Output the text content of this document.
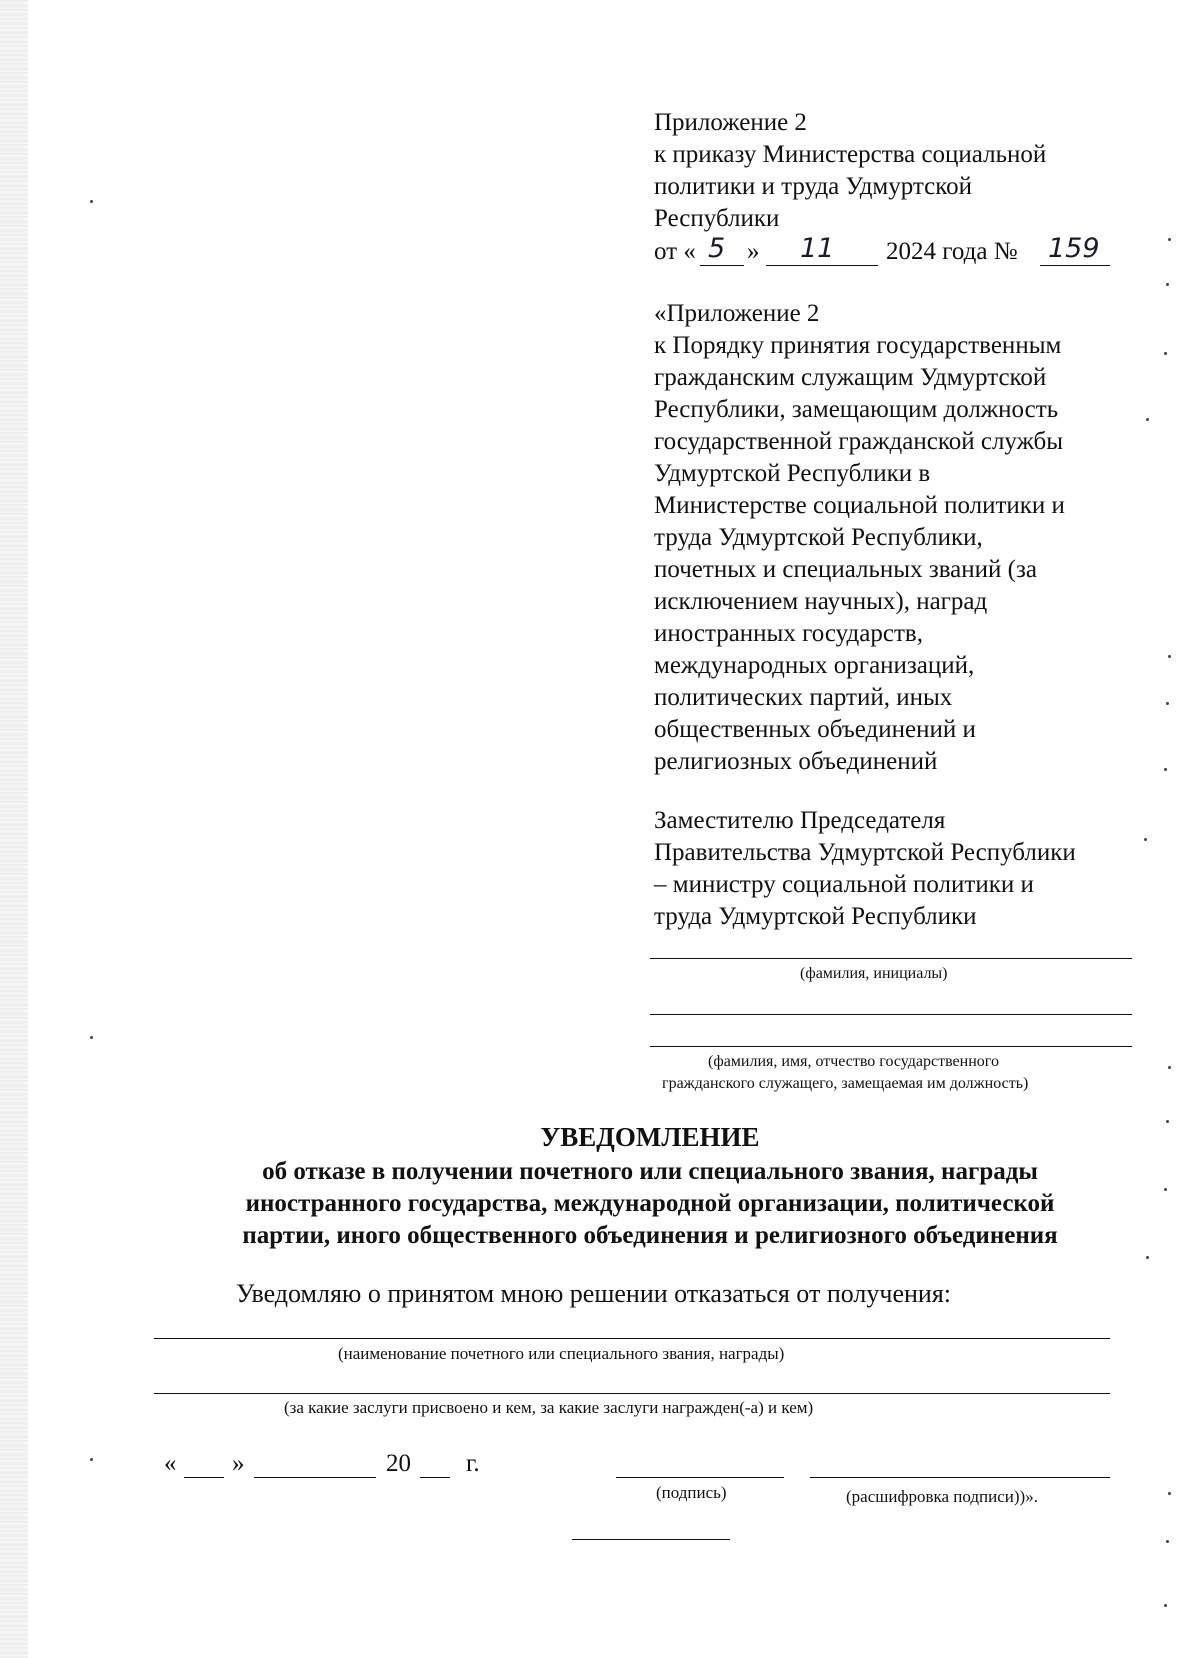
Приложение 2
к приказу Министерства социальной
политики и труда Удмуртской
Республики
от « 5 » 11 2024 года № 159
«Приложение 2
к Порядку принятия государственным
гражданским служащим Удмуртской
Республики, замещающим должность
государственной гражданской службы
Удмуртской Республики в
Министерстве социальной политики и
труда Удмуртской Республики,
почетных и специальных званий (за
исключением научных), наград
иностранных государств,
международных организаций,
политических партий, иных
общественных объединений и
религиозных объединений
Заместителю Председателя
Правительства Удмуртской Республики
– министру социальной политики и
труда Удмуртской Республики
(фамилия, инициалы)
(фамилия, имя, отчество государственного
гражданского служащего, замещаемая им должность)
УВЕДОМЛЕНИЕ
об отказе в получении почетного или специального звания, награды
иностранного государства, международной организации, политической
партии, иного общественного объединения и религиозного объединения
Уведомляю о принятом мною решении отказаться от получения:
(наименование почетного или специального звания, награды)
(за какие заслуги присвоено и кем, за какие заслуги награжден(-а) и кем)
« »	20 г.
(подпись)	(расшифровка подписи))».
